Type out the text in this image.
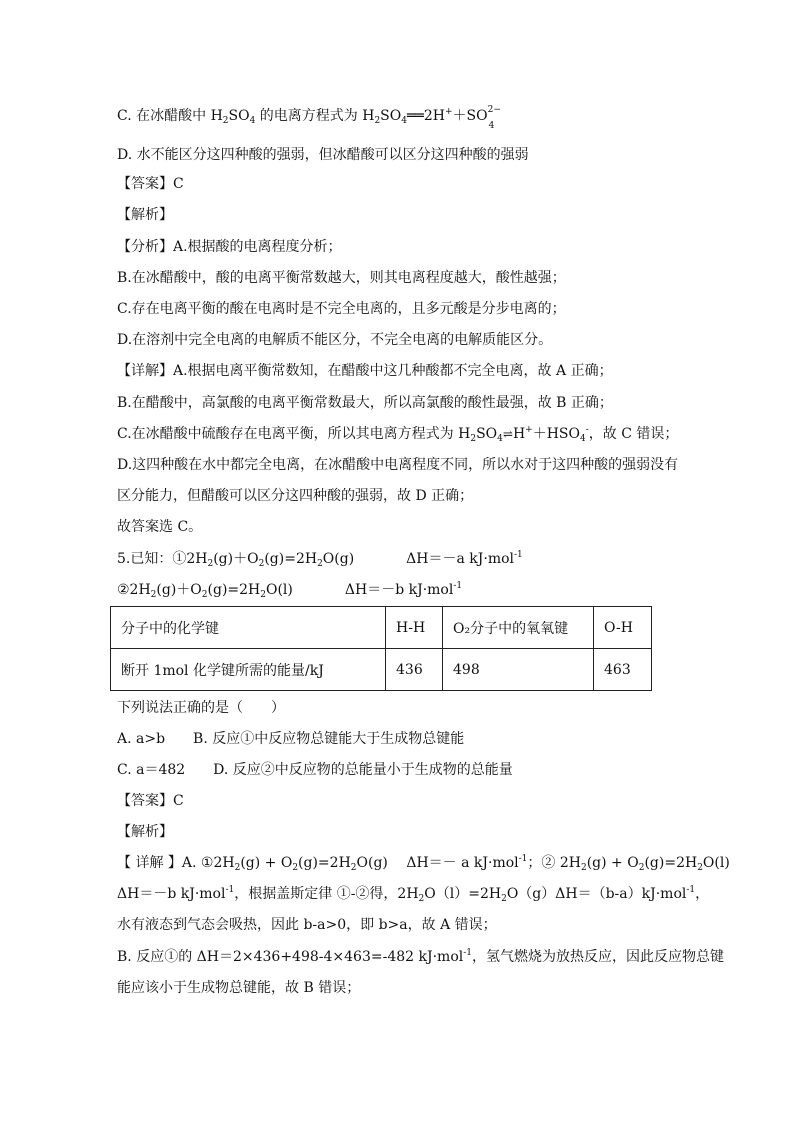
C. 在冰醋酸中 $H_2SO_4$ 的电离方程式为 $H_2SO_4══2H^++SO$ 2−
4
D. 水不能区分这四种酸的强弱，但冰醋酸可以区分这四种酸的强弱
【答案】C
【解析】
【分析】A.根据酸的电离程度分析；
B.在冰醋酸中，酸的电离平衡常数越大，则其电离程度越大，酸性越强；
C.存在电离平衡的酸在电离时是不完全电离的，且多元酸是分步电离的；
D.在溶剂中完全电离的电解质不能区分，不完全电离的电解质能区分。
【详解】A.根据电离平衡常数知，在醋酸中这几种酸都不完全电离，故 A 正确；
B.在醋酸中，高氯酸的电离平衡常数最大，所以高氯酸的酸性最强，故 B 正确；
C.在冰醋酸中硫酸存在电离平衡，所以其电离方程式为 $H_2SO_4\rightleftharpoons H^++HSO_4^-$，故 C 错误；
D.这四种酸在水中都完全电离，在冰醋酸中电离程度不同，所以水对于这四种酸的强弱没有
区分能力，但醋酸可以区分这四种酸的强弱，故 D 正确；
故答案选 C。
5.已知：$①2H_2(g)+O_2(g)=2H_2O(g)$	ΔH＝－a kJ·mol$^{-1}$
$②2H_2(g)+O_2(g)=2H_2O(l)$	ΔH＝－b kJ·mol$^{-1}$
分子中的化学键	H-H	O₂分子中的氧氧键	O-H
断开 1mol 化学键所需的能量/kJ	436	498	463
下列说法正确的是（　　）
A. a>b　　B. 反应①中反应物总键能大于生成物总键能
C. a＝482　　D. 反应②中反应物的总能量小于生成物的总能量
【答案】C
【解析】
【 详解 】A. $①2H_2(g) + O_2(g)=2H_2O(g)$　 ΔH＝－ a kJ·mol$^{-1}$；② $2H_2(g) + O_2(g)=2H_2O(l)$
ΔH＝－b kJ·mol$^{-1}$，根据盖斯定律 ①-②得，$2H_2O(l)=2H_2O(g)\Delta H=(b-a)kJ\cdot mol^{-1}$，
水有液态到气态会吸热，因此 b-a>0，即 b>a，故 A 错误；
B. 反应①的 ΔH＝2×436+498-4×463=-482 kJ·mol$^{-1}$，氢气燃烧为放热反应，因此反应物总键
能应该小于生成物总键能，故 B 错误；
